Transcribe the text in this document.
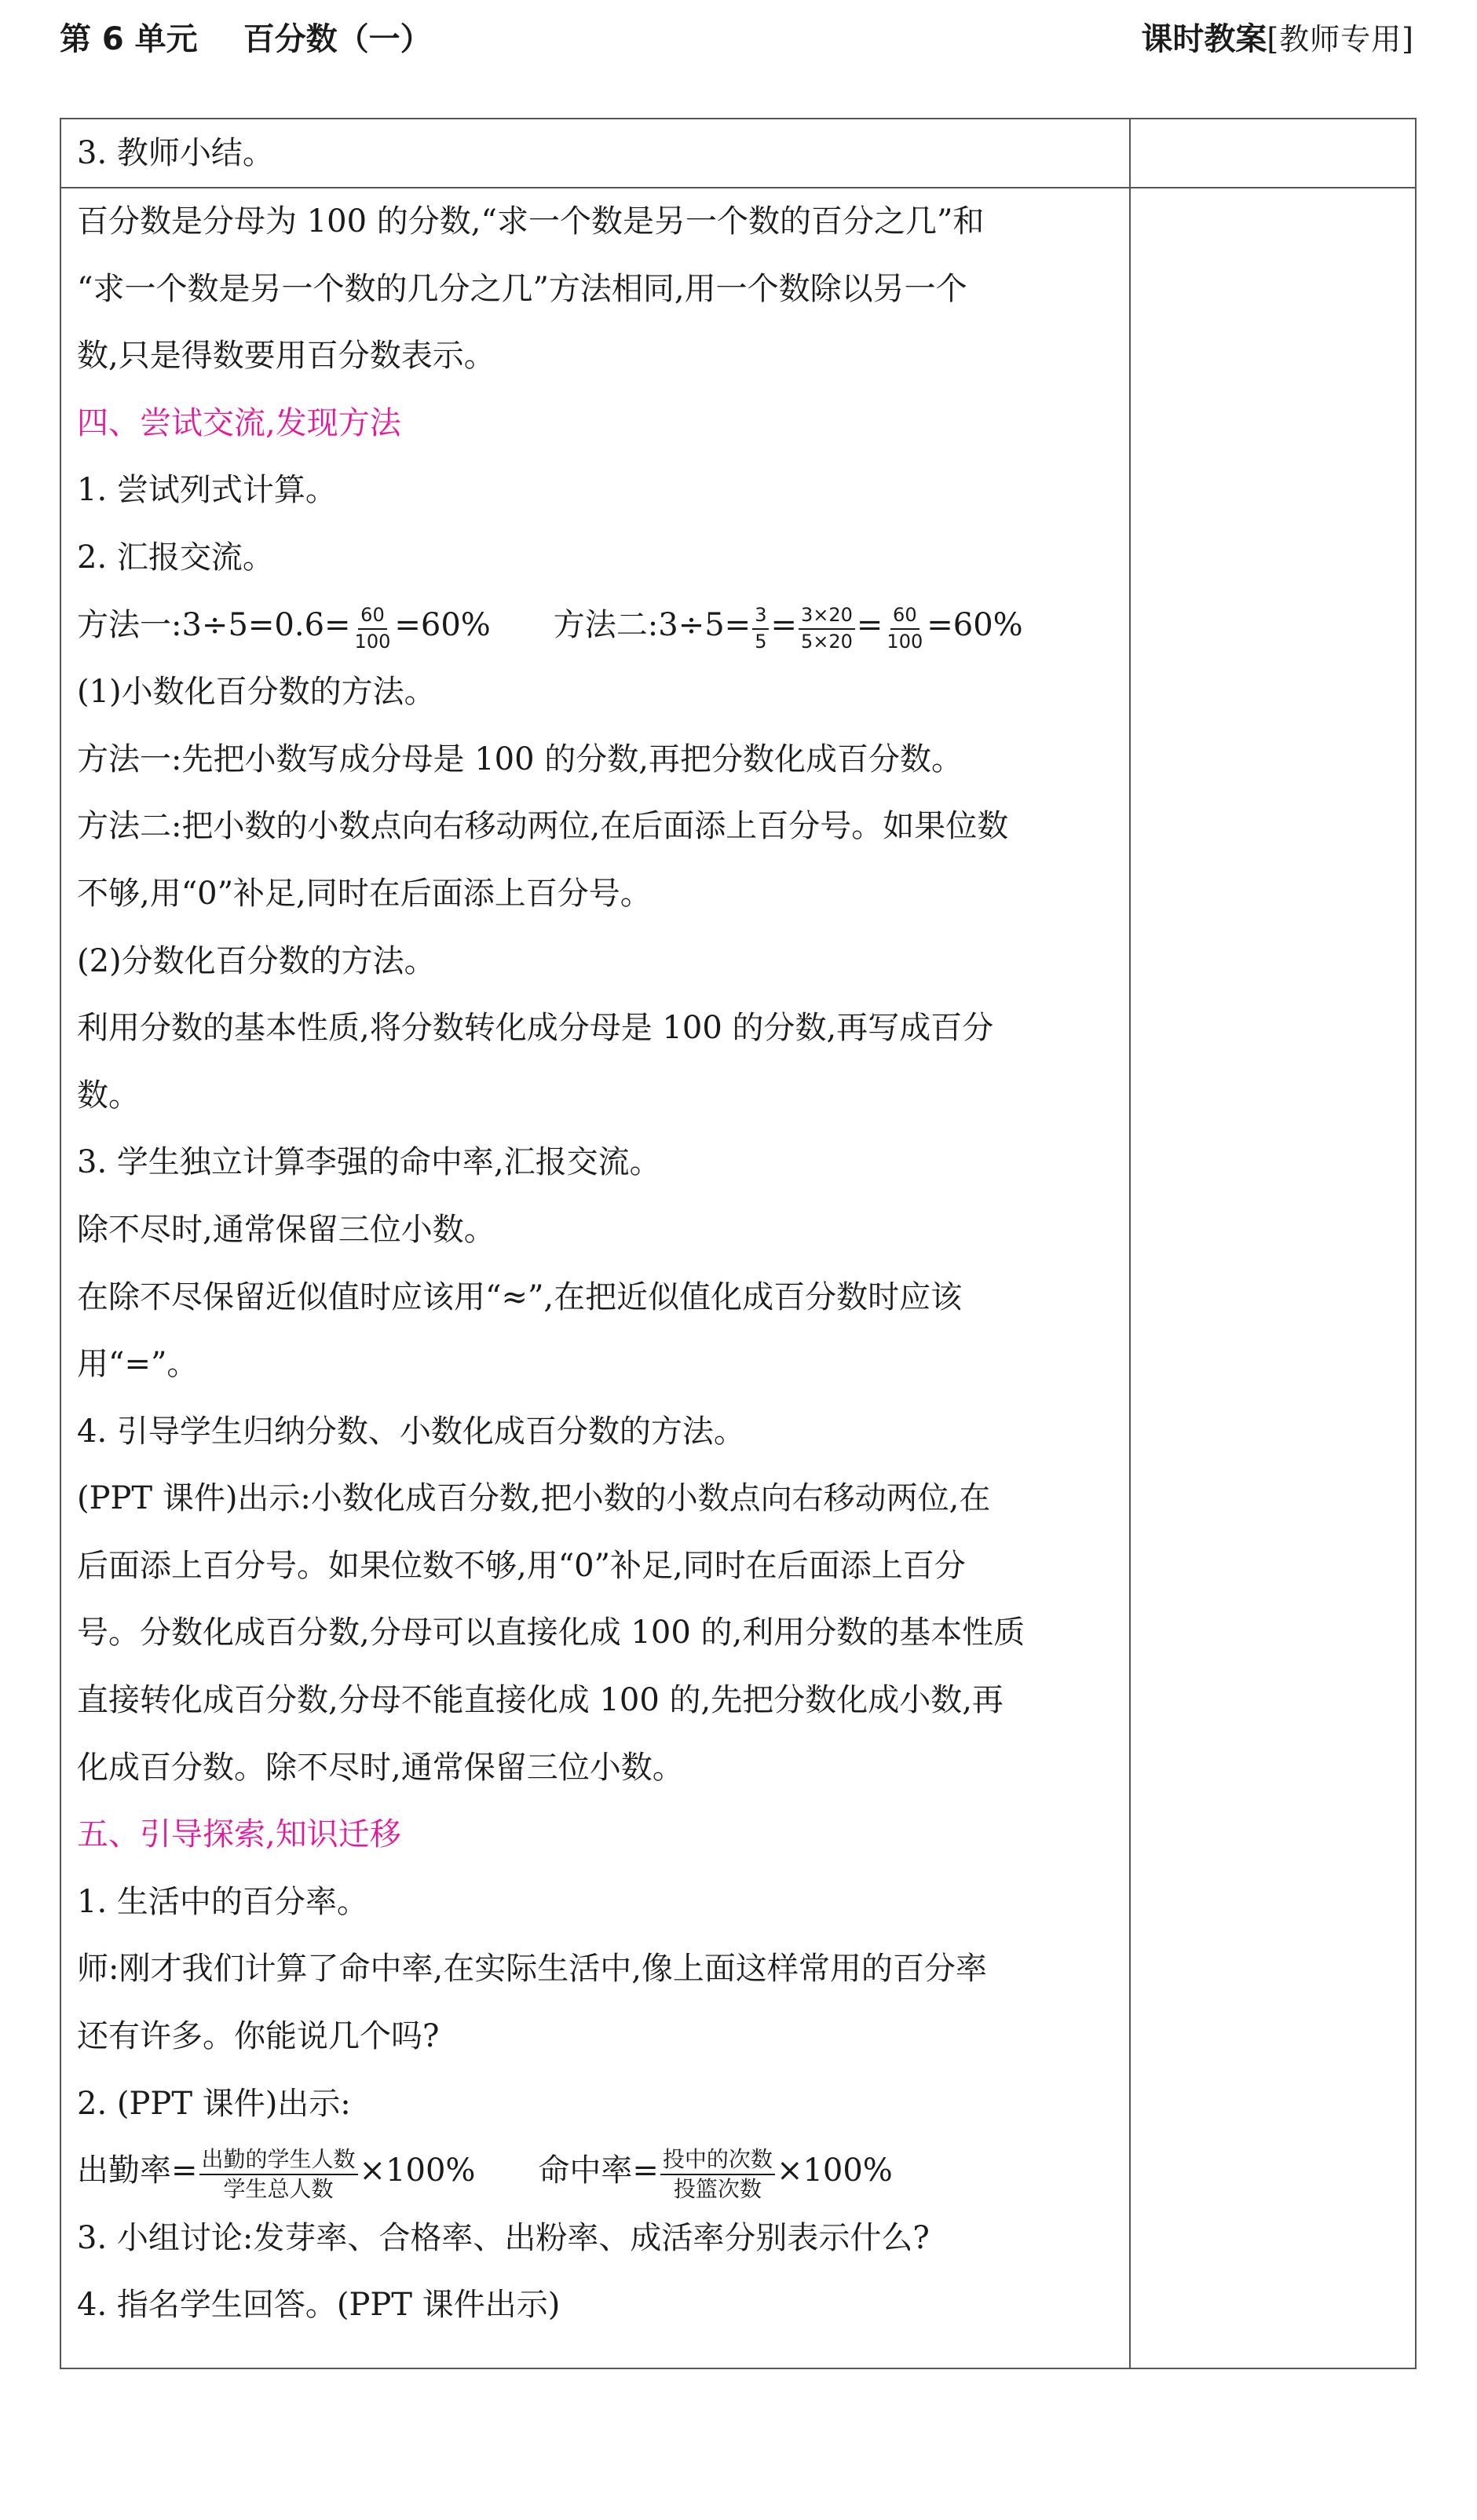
第 6 单元 百分数（一）	课时教案[教师专用]
3. 教师小结。
百分数是分母为 100 的分数,“求一个数是另一个数的百分之几”和
“求一个数是另一个数的几分之几”方法相同,用一个数除以另一个
数,只是得数要用百分数表示。
四、尝试交流,发现方法
1. 尝试列式计算。
2. 汇报交流。
方法一:3÷5=0.6= $\frac{60}{100} =60\%$ 方法二:3÷5= $\frac{3}{5} = \frac{3\times 20}{5\times 20} = \frac{60}{100} =60\%$
(1)小数化百分数的方法。
方法一:先把小数写成分母是 100 的分数,再把分数化成百分数。
方法二:把小数的小数点向右移动两位,在后面添上百分号。如果位数
不够,用“0”补足,同时在后面添上百分号。
(2)分数化百分数的方法。
利用分数的基本性质,将分数转化成分母是 100 的分数,再写成百分
数。
3. 学生独立计算李强的命中率,汇报交流。
除不尽时,通常保留三位小数。
在除不尽保留近似值时应该用“≈”,在把近似值化成百分数时应该
用“=”。
4. 引导学生归纳分数、小数化成百分数的方法。
(PPT 课件)出示:小数化成百分数,把小数的小数点向右移动两位,在
后面添上百分号。如果位数不够,用“0”补足,同时在后面添上百分
号。分数化成百分数,分母可以直接化成 100 的,利用分数的基本性质
直接转化成百分数,分母不能直接化成 100 的,先把分数化成小数,再
化成百分数。除不尽时,通常保留三位小数。
五、引导探索,知识迁移
1. 生活中的百分率。
师:刚才我们计算了命中率,在实际生活中,像上面这样常用的百分率
还有许多。你能说几个吗?
2. (PPT 课件)出示:
出勤率= $\frac{\text{出勤的学生人数}}{\text{学生总人数}} \times 100\%$ 命中率= $\frac{\text{投中的次数}}{\text{投篮次数}} \times 100\%$
3. 小组讨论:发芽率、合格率、出粉率、成活率分别表示什么?
4. 指名学生回答。(PPT 课件出示)
